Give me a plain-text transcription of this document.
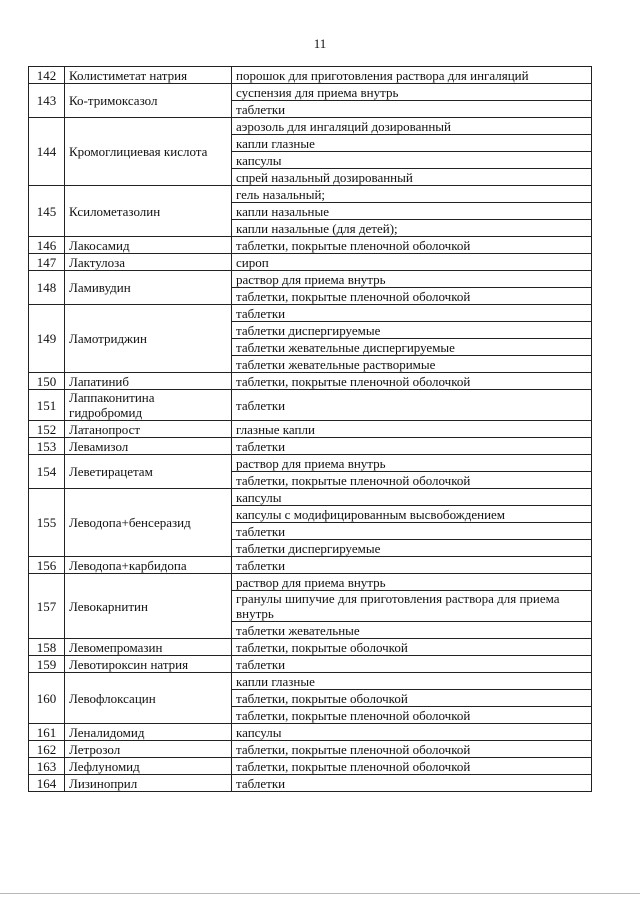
11
142	Колистиметат натрия	порошок для приготовления раствора для ингаляций
143	Ко-тримоксазол	суспензия для приема внутрь
		таблетки
144	Кромоглициевая кислота	аэрозоль для ингаляций дозированный
		капли глазные
		капсулы
		спрей назальный дозированный
145	Ксилометазолин	гель назальный;
		капли назальные
		капли назальные (для детей);
146	Лакосамид	таблетки, покрытые пленочной оболочкой
147	Лактулоза	сироп
148	Ламивудин	раствор для приема внутрь
		таблетки, покрытые пленочной оболочкой
149	Ламотриджин	таблетки
		таблетки диспергируемые
		таблетки жевательные диспергируемые
		таблетки жевательные растворимые
150	Лапатиниб	таблетки, покрытые пленочной оболочкой
151	Лаппаконитина гидробромид	таблетки
152	Латанопрост	глазные капли
153	Левамизол	таблетки
154	Леветирацетам	раствор для приема внутрь
		таблетки, покрытые пленочной оболочкой
155	Леводопа+бенсеразид	капсулы
		капсулы с модифицированным высвобождением
		таблетки
		таблетки диспергируемые
156	Леводопа+карбидопа	таблетки
157	Левокарнитин	раствор для приема внутрь
		гранулы шипучие для приготовления раствора для приема внутрь
		таблетки жевательные
158	Левомепромазин	таблетки, покрытые оболочкой
159	Левотироксин натрия	таблетки
160	Левофлоксацин	капли глазные
		таблетки, покрытые оболочкой
		таблетки, покрытые пленочной оболочкой
161	Леналидомид	капсулы
162	Летрозол	таблетки, покрытые пленочной оболочкой
163	Лефлуномид	таблетки, покрытые пленочной оболочкой
164	Лизиноприл	таблетки
